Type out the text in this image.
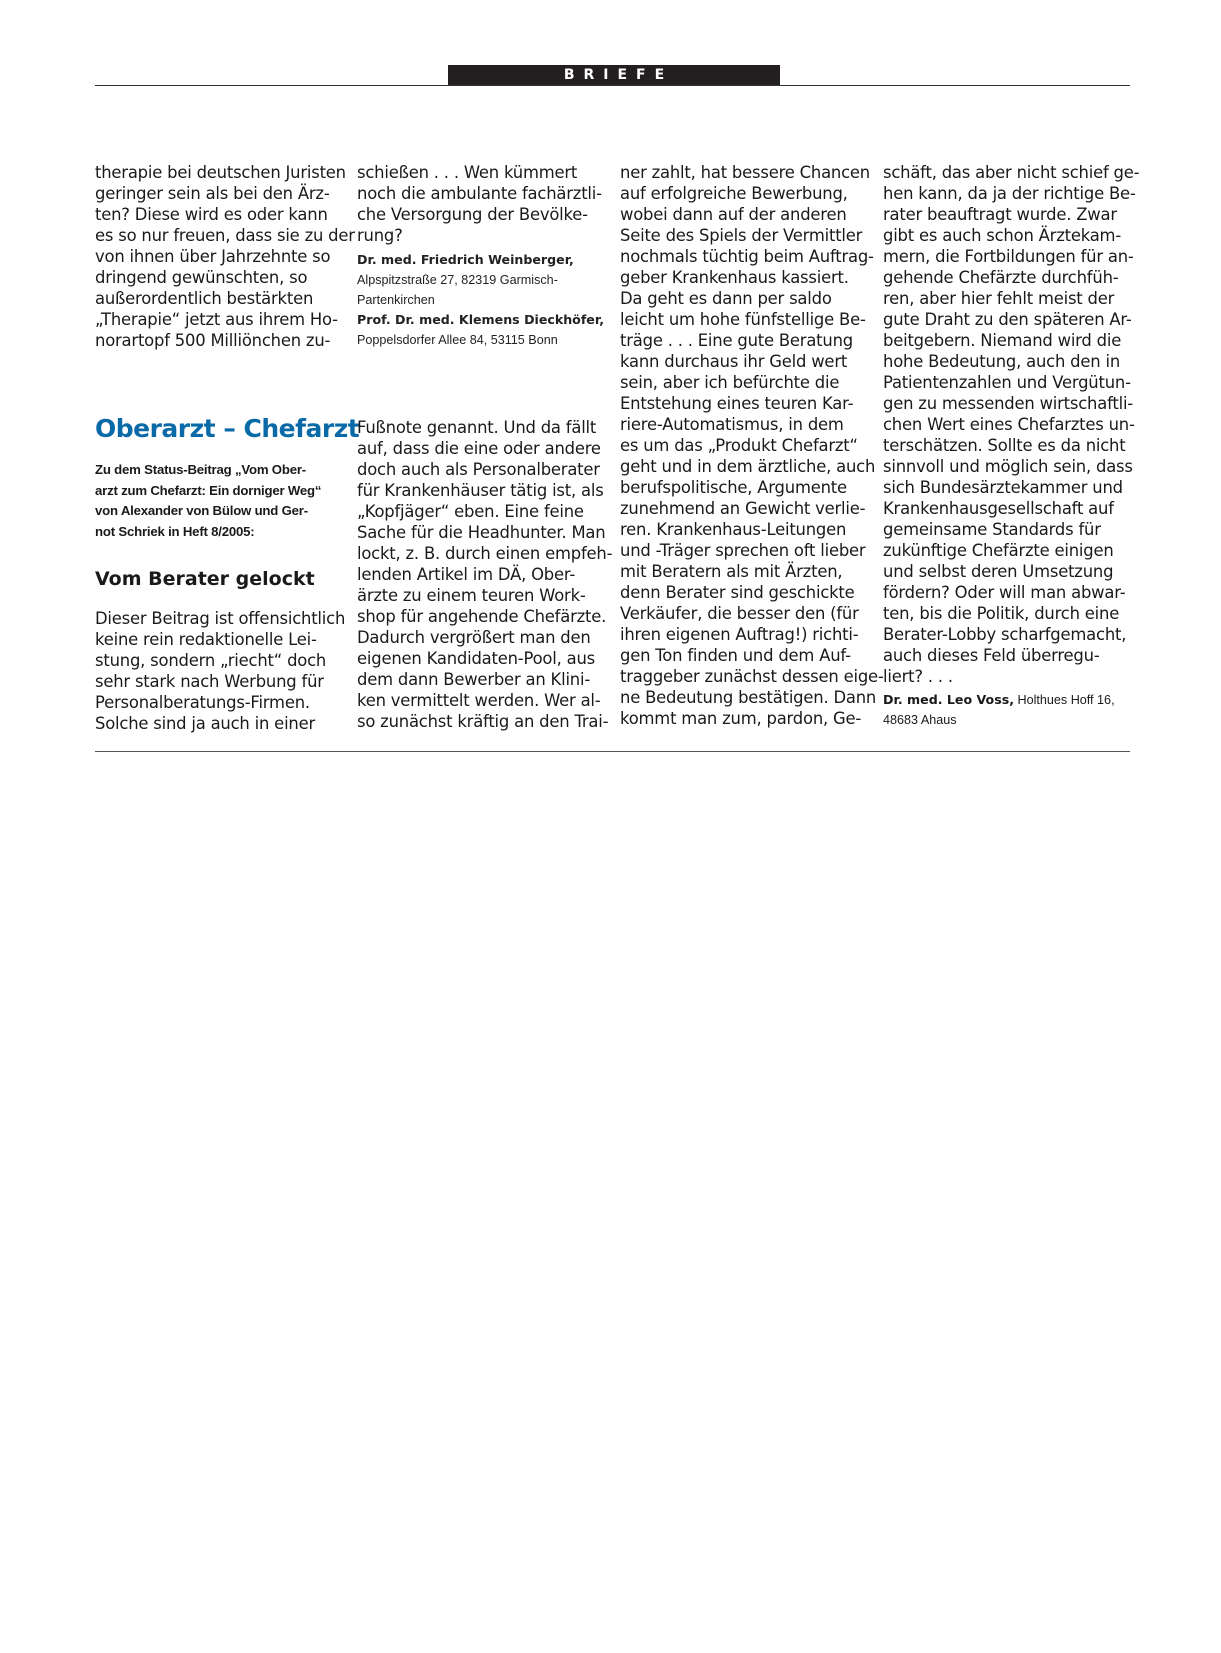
BRIEFE
therapie bei deutschen Juristen
geringer sein als bei den Ärz-
ten? Diese wird es oder kann
es so nur freuen, dass sie zu der
von ihnen über Jahrzehnte so
dringend gewünschten, so
außerordentlich bestärkten
„Therapie“ jetzt aus ihrem Ho-
norartopf 500 Milliönchen zu-
schießen . . . Wen kümmert
noch die ambulante fachärztli-
che Versorgung der Bevölke-
rung?
Dr. med. Friedrich Weinberger,
Alpspitzstraße 27, 82319 Garmisch-
Partenkirchen
Prof. Dr. med. Klemens Dieckhöfer,
Poppelsdorfer Allee 84, 53115 Bonn
Oberarzt – Chefarzt
Zu dem Status-Beitrag „Vom Ober-
arzt zum Chefarzt: Ein dorniger Weg“
von Alexander von Bülow und Ger-
not Schriek in Heft 8/2005:
Vom Berater gelockt
Dieser Beitrag ist offensichtlich
keine rein redaktionelle Lei-
stung, sondern „riecht“ doch
sehr stark nach Werbung für
Personalberatungs-Firmen.
Solche sind ja auch in einer
Fußnote genannt. Und da fällt
auf, dass die eine oder andere
doch auch als Personalberater
für Krankenhäuser tätig ist, als
„Kopfjäger“ eben. Eine feine
Sache für die Headhunter. Man
lockt, z. B. durch einen empfeh-
lenden Artikel im DÄ, Ober-
ärzte zu einem teuren Work-
shop für angehende Chefärzte.
Dadurch vergrößert man den
eigenen Kandidaten-Pool, aus
dem dann Bewerber an Klini-
ken vermittelt werden. Wer al-
so zunächst kräftig an den Trai-
ner zahlt, hat bessere Chancen
auf erfolgreiche Bewerbung,
wobei dann auf der anderen
Seite des Spiels der Vermittler
nochmals tüchtig beim Auftrag-
geber Krankenhaus kassiert.
Da geht es dann per saldo
leicht um hohe fünfstellige Be-
träge . . . Eine gute Beratung
kann durchaus ihr Geld wert
sein, aber ich befürchte die
Entstehung eines teuren Kar-
riere-Automatismus, in dem
es um das „Produkt Chefarzt“
geht und in dem ärztliche, auch
berufspolitische, Argumente
zunehmend an Gewicht verlie-
ren. Krankenhaus-Leitungen
und -Träger sprechen oft lieber
mit Beratern als mit Ärzten,
denn Berater sind geschickte
Verkäufer, die besser den (für
ihren eigenen Auftrag!) richti-
gen Ton finden und dem Auf-
traggeber zunächst dessen eige-
ne Bedeutung bestätigen. Dann
kommt man zum, pardon, Ge-
schäft, das aber nicht schief ge-
hen kann, da ja der richtige Be-
rater beauftragt wurde. Zwar
gibt es auch schon Ärztekam-
mern, die Fortbildungen für an-
gehende Chefärzte durchfüh-
ren, aber hier fehlt meist der
gute Draht zu den späteren Ar-
beitgebern. Niemand wird die
hohe Bedeutung, auch den in
Patientenzahlen und Vergütun-
gen zu messenden wirtschaftli-
chen Wert eines Chefarztes un-
terschätzen. Sollte es da nicht
sinnvoll und möglich sein, dass
sich Bundesärztekammer und
Krankenhausgesellschaft auf
gemeinsame Standards für
zukünftige Chefärzte einigen
und selbst deren Umsetzung
fördern? Oder will man abwar-
ten, bis die Politik, durch eine
Berater-Lobby scharfgemacht,
auch dieses Feld überregu-
liert? . . .
Dr. med. Leo Voss, Holthues Hoff 16,
48683 Ahaus
